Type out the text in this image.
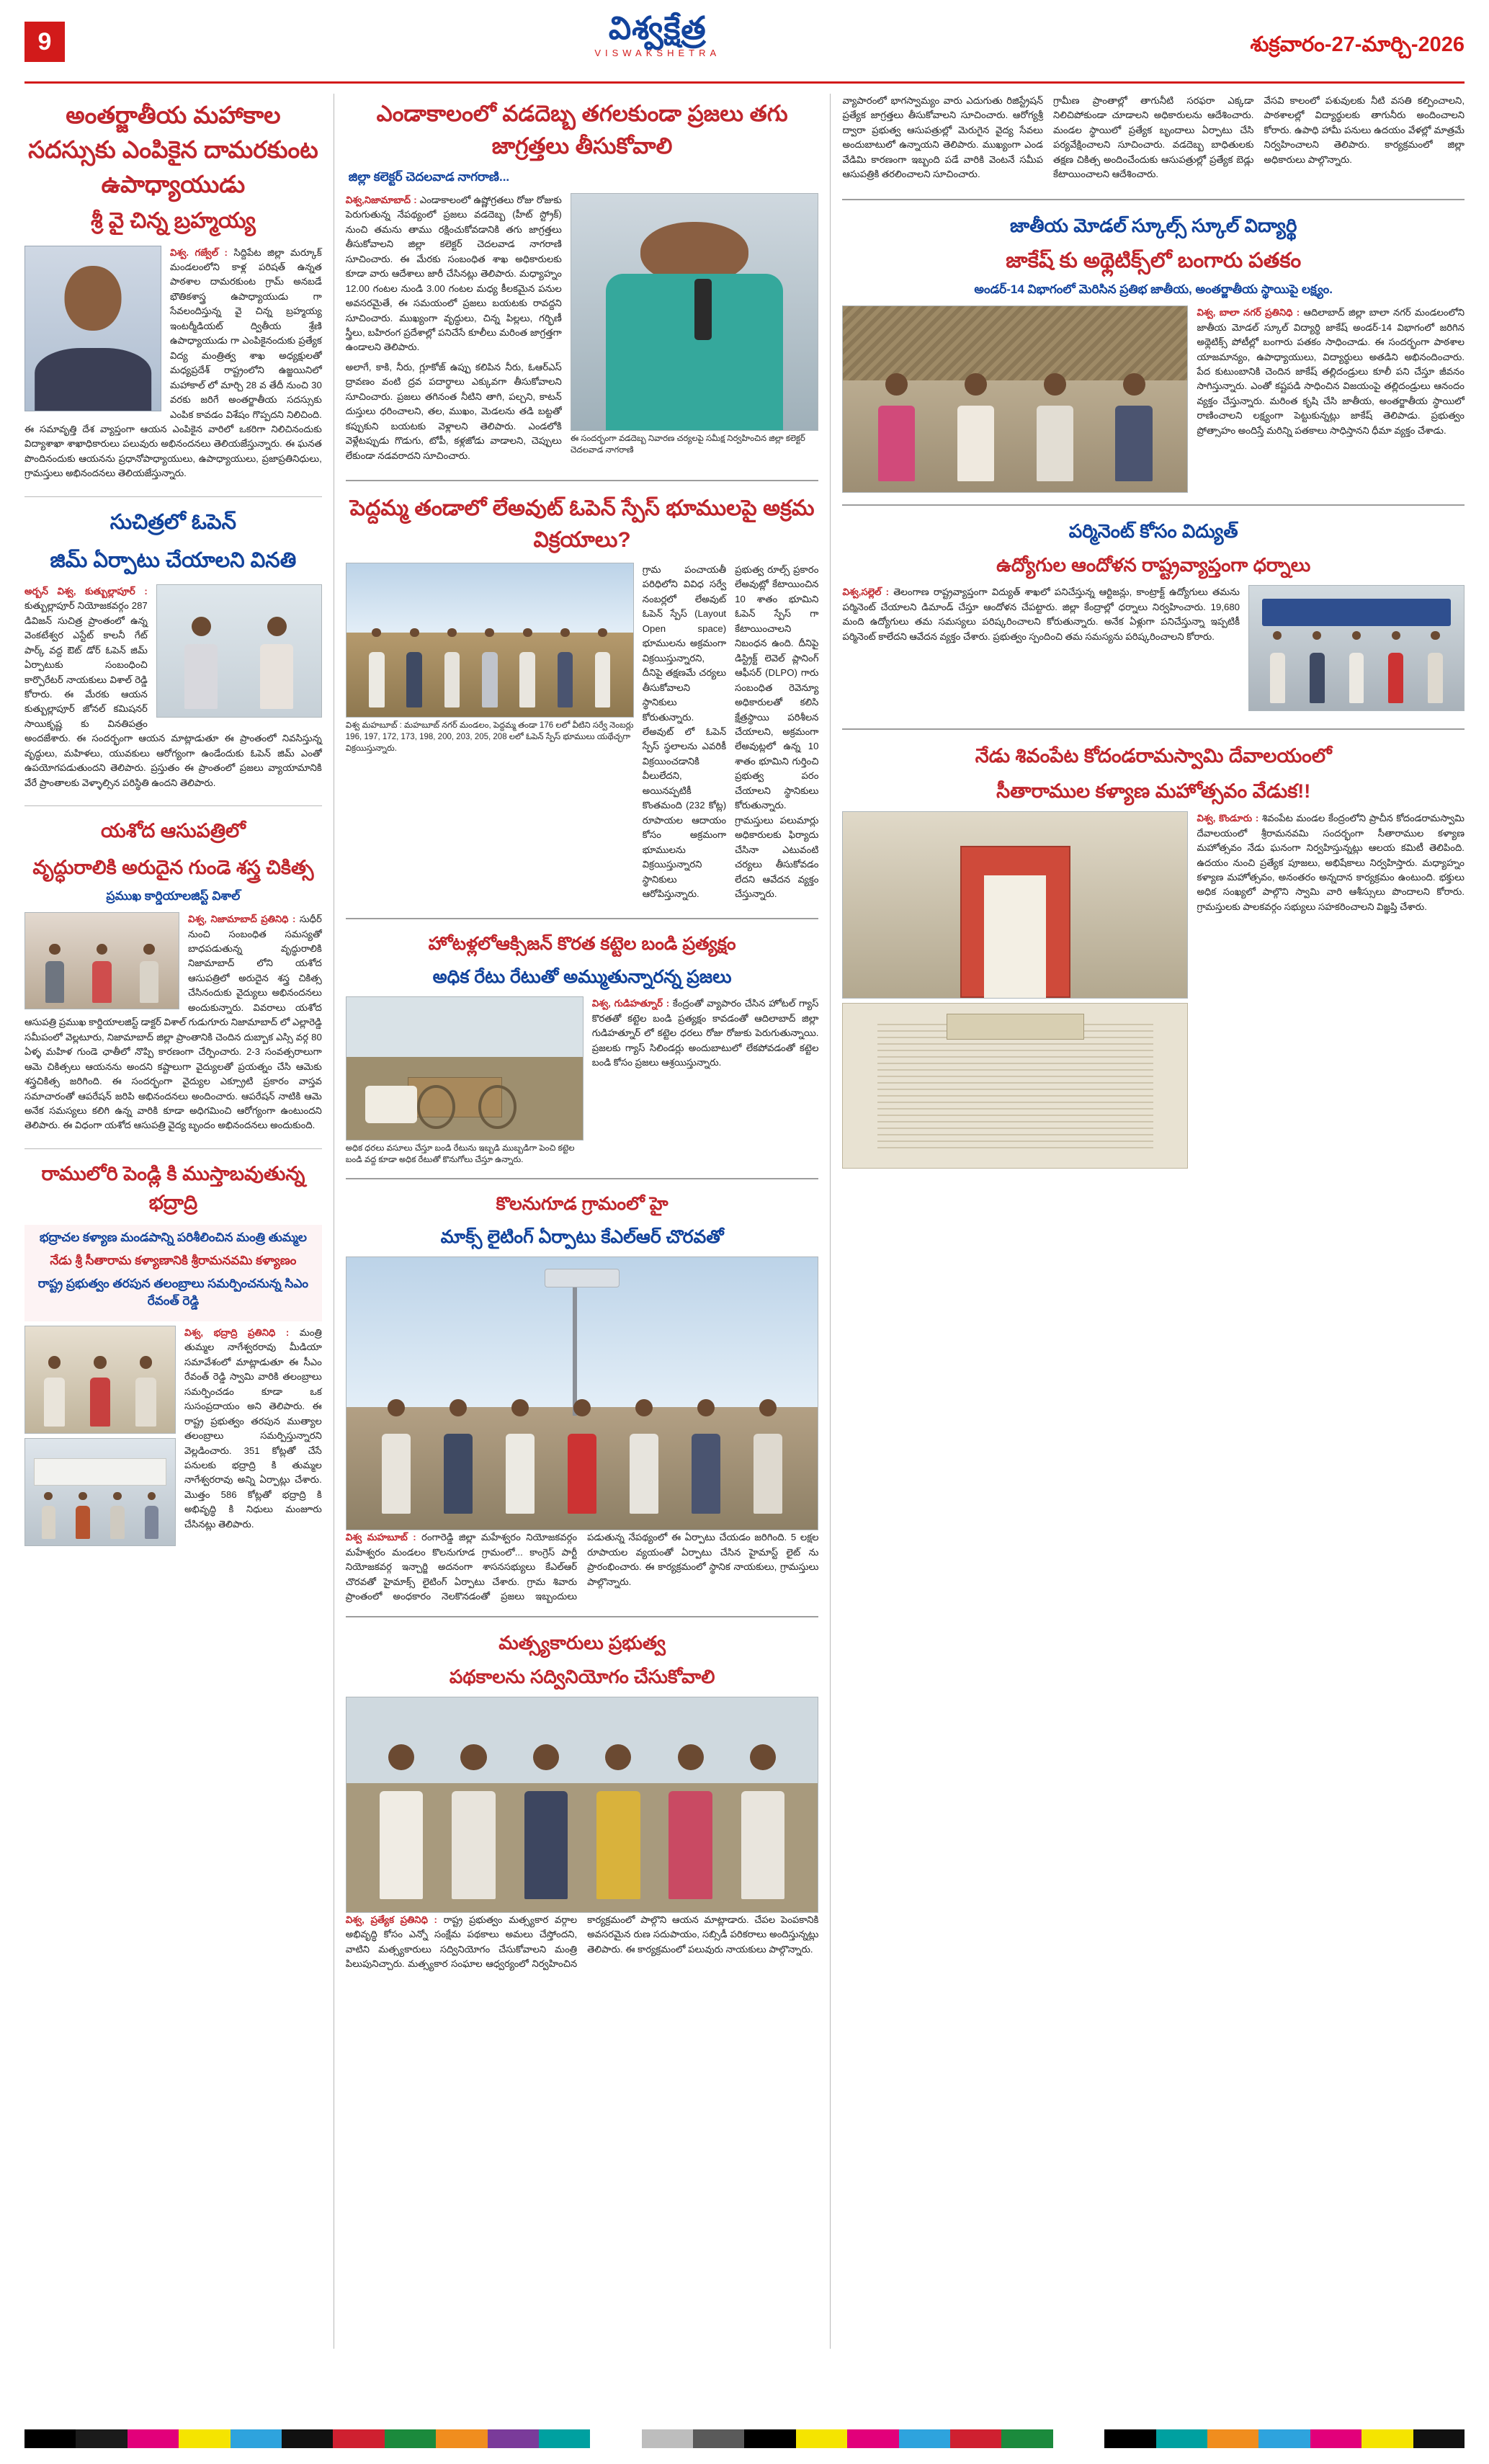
9	విశ్వక్షేత్ర
VISWAKSHETRA	శుక్రవారం-27-మార్చి-2026
అంతర్జాతీయ మహాకాల సదస్సుకు ఎంపికైన దామరకుంట ఉపాధ్యాయుడు
శ్రీ వై చిన్న బ్రహ్మయ్య

విశ్వ. గజ్వేల్ : సిద్దిపేట జిల్లా మర్కూక్ మండలంలోని కాళ్ల పరిషత్ ఉన్నత పాఠశాల దామరకుంట గ్రామ్ అనబడే భౌతికశాస్త్ర ఉపాధ్యాయుడు గా సేవలందిస్తున్న వై చిన్న బ్రహ్మయ్య ఇంటర్మీడియట్ ద్వితీయ శ్రేణి ఉపాధ్యాయుడు గా ఎంపికైనందుకు ప్రత్యేక విద్య మంత్రిత్వ శాఖ అధ్యక్షులతో మధ్యప్రదేశ్ రాష్ట్రంలోని ఉజ్జయినిలో మహాకాల్ లో మార్చి 28 వ తేదీ నుంచి 30 వరకు జరిగే అంతర్జాతీయ సదస్సుకు ఎంపిక కావడం విశేషం గొప్పదని నిలిచింది. ఈ సమావృత్తి దేశ వ్యాప్తంగా ఆయన ఎంపికైన వారిలో ఒకరిగా నిలిచినందుకు విద్యాశాఖా శాఖాధికారులు పలువురు అభినందనలు తెలియజేస్తున్నారు. ఈ ఘనత పొందినందుకు ఆయనను ప్రధానోపాధ్యాయులు, ఉపాధ్యాయులు, ప్రజాప్రతినిధులు, గ్రామస్తులు అభినందనలు తెలియజేస్తున్నారు.

సుచిత్రలో ఓపెన్
జిమ్ ఏర్పాటు చేయాలని వినతి

అర్బన్ విశ్వ, కుత్బుల్లాపూర్ : కుత్బుల్లాపూర్ నియోజకవర్గం 287 డివిజన్ సుచిత్ర ప్రాంతంలో ఉన్న వెంకటేశ్వర ఎస్టేట్ కాలనీ గేట్ పార్క్ వద్ద ఔట్ డోర్ ఓపెన్ జిమ్ ఏర్పాటుకు సంబంధించి కార్పొరేటర్ నాయకులు విశాల్ రెడ్డి కోరారు. ఈ మేరకు ఆయన కుత్బుల్లాపూర్ జోనల్ కమిషనర్ సాయికృష్ణ కు వినతిపత్రం అందజేశారు. ఈ సందర్భంగా ఆయన మాట్లాడుతూ ఈ ప్రాంతంలో నివసిస్తున్న వృద్ధులు, మహిళలు, యువకులు ఆరోగ్యంగా ఉండేందుకు ఓపెన్ జిమ్ ఎంతో ఉపయోగపడుతుందని తెలిపారు. ప్రస్తుతం ఈ ప్రాంతంలో ప్రజలు వ్యాయామానికి వేరే ప్రాంతాలకు వెళ్ళాల్సిన పరిస్థితి ఉందని తెలిపారు.

యశోద ఆసుపత్రిలో
వృద్ధురాలికి అరుదైన గుండె శస్త్ర చికిత్స
ప్రముఖ కార్డియాలజిస్ట్ విశాల్

విశ్వ, నిజామాబాద్ ప్రతినిధి : సుధీర్ నుంచి సంబంధిత సమస్యతో బాధపడుతున్న వృద్ధురాలికి నిజామాబాద్ లోని యశోద ఆసుపత్రిలో అరుదైన శస్త్ర చికిత్స చేసినందుకు వైద్యులు అభినందనలు అందుకున్నారు. వివరాలు యశోద ఆసుపత్రి ప్రముఖ కార్డియాలజిస్ట్ డాక్టర్ విశాల్ గుడుగూరు నిజామాబాద్ లో ఎల్లారెడ్డి సమీపంలో వెల్లటూరు, నిజామాబాద్ జిల్లా ప్రాంతానికి చెందిన దుబ్బాక ఎస్సి వర్గ 80 ఏళ్ళ మహిళ గుండె ఛాతీలో నొప్పి కారణంగా చేర్పించారు. 2-3 సంవత్సరాలుగా ఆమె చికిత్సలు ఆయనను అందని కష్టాలుగా వైద్యులతో ప్రయత్నం చేసి ఆమెకు శస్త్రచికిత్స జరిగింది. ఈ సందర్భంగా వైద్యుల ఎక్స్రూటి ప్రకారం వాస్తవ సమాచారంతో ఆపరేషన్ జరిపి అభినందనలు అందించారు. ఆపరేషన్ నాటికి ఆమె అనేక సమస్యలు కలిగి ఉన్న వారికి కూడా అధిగమించి ఆరోగ్యంగా ఉంటుందని తెలిపారు. ఈ విధంగా యశోద ఆసుపత్రి వైద్య బృందం అభినందనలు అందుకుంది.

రాములోరి పెండ్లి కి ముస్తాబవుతున్న భద్రాద్రి
భద్రాచల కళ్యాణ మండపాన్ని పరిశీలించిన మంత్రి తుమ్మల
నేడు శ్రీ సీతారామ కళ్యాణానికి శ్రీరామనవమి కళ్యాణం
రాష్ట్ర ప్రభుత్వం తరపున తలంబ్రాలు సమర్పించనున్న సిఎం రేవంత్ రెడ్డి

విశ్వ, భద్రాద్రి ప్రతినిధి : మంత్రి తుమ్మల నాగేశ్వరరావు మీడియా సమావేశంలో మాట్లాడుతూ ఈ సీఎం రేవంత్ రెడ్డి స్వామి వారికి తలంబ్రాలు సమర్పించడం కూడా ఒక సుసంప్రదాయం అని తెలిపారు. ఈ రాష్ట్ర ప్రభుత్వం తరపున ముత్యాల తలంబ్రాలు సమర్పిస్తున్నారని వెల్లడించారు. 351 కోట్లతో చేసే పనులకు భద్రాద్రి కి తుమ్మల నాగేశ్వరరావు అన్ని ఏర్పాట్లు చేశారు. మొత్తం 586 కోట్లతో భద్రాద్రి కి అభివృద్ధి కి నిధులు మంజూరు చేసినట్లు తెలిపారు.

ఎండాకాలంలో వడదెబ్బ తగలకుండా ప్రజలు తగు జాగ్రత్తలు తీసుకోవాలి
జిల్లా కలెక్టర్ చెదలవాడ నాగరాణి...

విశ్వ,నిజామాబాద్ : ఎండాకాలంలో ఉష్ణోగ్రతలు రోజు రోజుకు పెరుగుతున్న నేపథ్యంలో ప్రజలు వడదెబ్బ (హీట్ స్ట్రోక్) నుంచి తమను తాము రక్షించుకోవడానికి తగు జాగ్రత్తలు తీసుకోవాలని జిల్లా కలెక్టర్ చెదలవాడ నాగరాణి సూచించారు. ఈ మేరకు సంబంధిత శాఖ అధికారులకు కూడా వారు ఆదేశాలు జారీ చేసినట్లు తెలిపారు. మధ్యాహ్నం 12.00 గంటల నుండి 3.00 గంటల మధ్య కీలకమైన పనుల అవసరమైతే, ఈ సమయంలో ప్రజలు బయటకు రావద్దని సూచించారు. ముఖ్యంగా వృద్ధులు, చిన్న పిల్లలు, గర్భిణీ స్త్రీలు, బహిరంగ ప్రదేశాల్లో పనిచేసే కూలీలు మరింత జాగ్రత్తగా ఉండాలని తెలిపారు.

అలాగే, కాకి, నీరు, గ్లూకోజ్ ఉప్పు కలిపిన నీరు, ఓఆర్ఎస్ ద్రావణం వంటి ద్రవ పదార్థాలు ఎక్కువగా తీసుకోవాలని సూచించారు. ప్రజలు తగినంత నీటిని తాగి, పల్చని, కాటన్ దుస్తులు ధరించాలని, తల, ముఖం, మెడలను తడి బట్టతో కప్పుకుని బయటకు వెళ్లాలని తెలిపారు. ఎండలోకి వెళ్లేటప్పుడు గొడుగు, టోపీ, కళ్లజోడు వాడాలని, చెప్పులు లేకుండా నడవరాదని సూచించారు.

ఈ సందర్భంగా వడదెబ్బ నివారణ చర్యలపై సమీక్ష నిర్వహించిన జిల్లా కలెక్టర్ చెదలవాడ నాగరాణి
పెద్దమ్మ తండాలో లేఅవుట్ ఓపెన్ స్పేస్ భూములపై అక్రమ విక్రయాలు?
విశ్వ మహబూబ్ : మహబూబ్ నగర్ మండలం, పెద్దమ్మ తండా 176 లలో వీటిని సర్వే నెంబర్లు 196, 197, 172, 173, 198, 200, 203, 205, 208 లలో ఓపెన్ స్పేస్ భూములు యథేచ్ఛగా విక్రయిస్తున్నారు.

గ్రామ పంచాయతీ పరిధిలోని వివిధ సర్వే నంబర్లలో లేఅవుట్ ఓపెన్ స్పేస్ (Layout Open space) భూములను అక్రమంగా విక్రయిస్తున్నారని, దీనిపై తక్షణమే చర్యలు తీసుకోవాలని స్థానికులు కోరుతున్నారు. లేఅవుట్ లో ఓపెన్ స్పేస్ స్థలాలను ఎవరికీ విక్రయించడానికి వీలులేదని, అయినప్పటికీ కొంతమంది (232 కోట్ల) రూపాయల ఆదాయం కోసం అక్రమంగా భూములను విక్రయిస్తున్నారని స్థానికులు ఆరోపిస్తున్నారు.

ప్రభుత్వ రూల్స్ ప్రకారం లేఅవుట్లో కేటాయించిన 10 శాతం భూమిని ఓపెన్ స్పేస్ గా కేటాయించాలని నిబంధన ఉంది. దీనిపై డిస్ట్రిక్ట్ లెవెల్ ప్లానింగ్ ఆఫీసర్ (DLPO) గారు సంబంధిత రెవెన్యూ అధికారులతో కలిసి క్షేత్రస్థాయి పరిశీలన చేయాలని, అక్రమంగా లేఅవుట్లలో ఉన్న 10 శాతం భూమిని గుర్తించి ప్రభుత్వ పరం చేయాలని స్థానికులు కోరుతున్నారు. గ్రామస్తులు పలుమార్లు అధికారులకు ఫిర్యాదు చేసినా ఎటువంటి చర్యలు తీసుకోవడం లేదని ఆవేదన వ్యక్తం చేస్తున్నారు.

హోటళ్లలోఆక్సిజన్ కొరత కట్టెల బండి ప్రత్యక్షం
అధిక రేటు రేటుతో అమ్ముతున్నారన్న ప్రజలు
అధిక ధరలు వసూలు చేస్తూ బండి రేటును ఇబ్బడి ముబ్బడిగా పెంచి కట్టెల బండి వద్ద కూడా అధిక రేటుతో కొనుగోలు చేస్తూ ఉన్నారు.

విశ్వ, గుడిహత్నూర్ : కేంద్రంతో వ్యాపారం చేసిన హోటల్ గ్యాస్ కొరతతో కట్టెల బండి ప్రత్యక్షం కావడంతో ఆదిలాబాద్ జిల్లా గుడిహత్నూర్ లో కట్టెల ధరలు రోజు రోజుకు పెరుగుతున్నాయి. ప్రజలకు గ్యాస్ సిలిండర్లు అందుబాటులో లేకపోవడంతో కట్టెల బండి కోసం ప్రజలు ఆశ్రయిస్తున్నారు.

కొలనుగూడ గ్రామంలో హై
మాక్స్ లైటింగ్ ఏర్పాటు కేఎల్ఆర్ చొరవతో

విశ్వ మహబూబ్ : రంగారెడ్డి జిల్లా మహేశ్వరం నియోజకవర్గం మహేశ్వరం మండలం కొలనుగూడ గ్రామంలో... కాంగ్రెస్ పార్టీ నియోజకవర్గ ఇన్చార్జి అదనంగా శాసనసభ్యులు కేఎల్ఆర్ చొరవతో హైమాక్స్ లైటింగ్ ఏర్పాటు చేశారు. గ్రామ శివారు ప్రాంతంలో అంధకారం నెలకొనడంతో ప్రజలు ఇబ్బందులు పడుతున్న నేపథ్యంలో ఈ ఏర్పాటు చేయడం జరిగింది. 5 లక్షల రూపాయల వ్యయంతో ఏర్పాటు చేసిన హైమాస్ట్ లైట్ ను ప్రారంభించారు. ఈ కార్యక్రమంలో స్థానిక నాయకులు, గ్రామస్తులు పాల్గొన్నారు.

మత్స్యకారులు ప్రభుత్వ
పథకాలను సద్వినియోగం చేసుకోవాలి

విశ్వ, ప్రత్యేక ప్రతినిధి : రాష్ట్ర ప్రభుత్వం మత్స్యకార వర్గాల అభివృద్ధి కోసం ఎన్నో సంక్షేమ పథకాలు అమలు చేస్తోందని, వాటిని మత్స్యకారులు సద్వినియోగం చేసుకోవాలని మంత్రి పిలుపునిచ్చారు. మత్స్యకార సంఘాల ఆధ్వర్యంలో నిర్వహించిన కార్యక్రమంలో పాల్గొని ఆయన మాట్లాడారు. చేపల పెంపకానికి అవసరమైన రుణ సదుపాయం, సబ్సిడీ పరికరాలు అందిస్తున్నట్లు తెలిపారు. ఈ కార్యక్రమంలో పలువురు నాయకులు పాల్గొన్నారు.

వ్యాపారంలో భాగస్వామ్యం వారు ఎదుగుతు రిజిస్ట్రేషన్ ప్రత్యేక జాగ్రత్తలు తీసుకోవాలని సూచించారు. ఆరోగ్యశ్రీ ద్వారా ప్రభుత్వ ఆసుపత్రుల్లో మెరుగైన వైద్య సేవలు అందుబాటులో ఉన్నాయని తెలిపారు. ముఖ్యంగా ఎండ వేడిమి కారణంగా ఇబ్బంది పడే వారికి వెంటనే సమీప ఆసుపత్రికి తరలించాలని సూచించారు.

గ్రామీణ ప్రాంతాల్లో తాగునీటి సరఫరా ఎక్కడా నిలిచిపోకుండా చూడాలని అధికారులను ఆదేశించారు. మండల స్థాయిలో ప్రత్యేక బృందాలు ఏర్పాటు చేసి పర్యవేక్షించాలని సూచించారు. వడదెబ్బ బాధితులకు తక్షణ చికిత్స అందించేందుకు ఆసుపత్రుల్లో ప్రత్యేక బెడ్లు కేటాయించాలని ఆదేశించారు.

వేసవి కాలంలో పశువులకు నీటి వసతి కల్పించాలని, పాఠశాలల్లో విద్యార్థులకు తాగునీరు అందించాలని కోరారు. ఉపాధి హామీ పనులు ఉదయం వేళల్లో మాత్రమే నిర్వహించాలని తెలిపారు. కార్యక్రమంలో జిల్లా అధికారులు పాల్గొన్నారు.

జాతీయ మోడల్ స్కూల్స్ స్కూల్ విద్యార్థి
జాకేష్ కు అథ్లెటిక్స్‌లో బంగారు పతకం
అండర్-14 విభాగంలో మెరిసిన ప్రతిభ జాతీయ, అంతర్జాతీయ స్థాయిపై లక్ష్యం.

విశ్వ, బాలా నగర్ ప్రతినిధి : ఆదిలాబాద్ జిల్లా బాలా నగర్ మండలంలోని జాతీయ మోడల్ స్కూల్ విద్యార్థి జాకేష్ అండర్-14 విభాగంలో జరిగిన అథ్లెటిక్స్ పోటీల్లో బంగారు పతకం సాధించాడు. ఈ సందర్భంగా పాఠశాల యాజమాన్యం, ఉపాధ్యాయులు, విద్యార్థులు అతడిని అభినందించారు. పేద కుటుంబానికి చెందిన జాకేష్ తల్లిదండ్రులు కూలీ పని చేస్తూ జీవనం సాగిస్తున్నారు. ఎంతో కష్టపడి సాధించిన విజయంపై తల్లిదండ్రులు ఆనందం వ్యక్తం చేస్తున్నారు. మరింత కృషి చేసి జాతీయ, అంతర్జాతీయ స్థాయిలో రాణించాలని లక్ష్యంగా పెట్టుకున్నట్లు జాకేష్ తెలిపాడు. ప్రభుత్వం ప్రోత్సాహం అందిస్తే మరిన్ని పతకాలు సాధిస్తానని ధీమా వ్యక్తం చేశాడు.

పర్మినెంట్ కోసం విద్యుత్
ఉద్యోగుల ఆందోళన రాష్ట్రవ్యాప్తంగా ధర్నాలు

విశ్వ,సల్లెల్ : తెలంగాణ రాష్ట్రవ్యాప్తంగా విద్యుత్ శాఖలో పనిచేస్తున్న ఆర్టిజన్లు, కాంట్రాక్ట్ ఉద్యోగులు తమను పర్మినెంట్ చేయాలని డిమాండ్ చేస్తూ ఆందోళన చేపట్టారు. జిల్లా కేంద్రాల్లో ధర్నాలు నిర్వహించారు. 19,680 మంది ఉద్యోగులు తమ సమస్యలు పరిష్కరించాలని కోరుతున్నారు. అనేక ఏళ్లుగా పనిచేస్తున్నా ఇప్పటికీ పర్మినెంట్ కాలేదని ఆవేదన వ్యక్తం చేశారు. ప్రభుత్వం స్పందించి తమ సమస్యను పరిష్కరించాలని కోరారు.

నేడు శివంపేట కోదండరామస్వామి దేవాలయంలో
సీతారాముల కళ్యాణ మహోత్సవం వేడుక!!

విశ్వ, కొండూరు : శివంపేట మండల కేంద్రంలోని ప్రాచీన కోదండరామస్వామి దేవాలయంలో శ్రీరామనవమి సందర్భంగా సీతారాముల కళ్యాణ మహోత్సవం నేడు ఘనంగా నిర్వహిస్తున్నట్లు ఆలయ కమిటీ తెలిపింది. ఉదయం నుంచి ప్రత్యేక పూజలు, అభిషేకాలు నిర్వహిస్తారు. మధ్యాహ్నం కళ్యాణ మహోత్సవం, అనంతరం అన్నదాన కార్యక్రమం ఉంటుంది. భక్తులు అధిక సంఖ్యలో పాల్గొని స్వామి వారి ఆశీస్సులు పొందాలని కోరారు. గ్రామస్తులకు పాలకవర్గం సభ్యులు సహకరించాలని విజ్ఞప్తి చేశారు.
